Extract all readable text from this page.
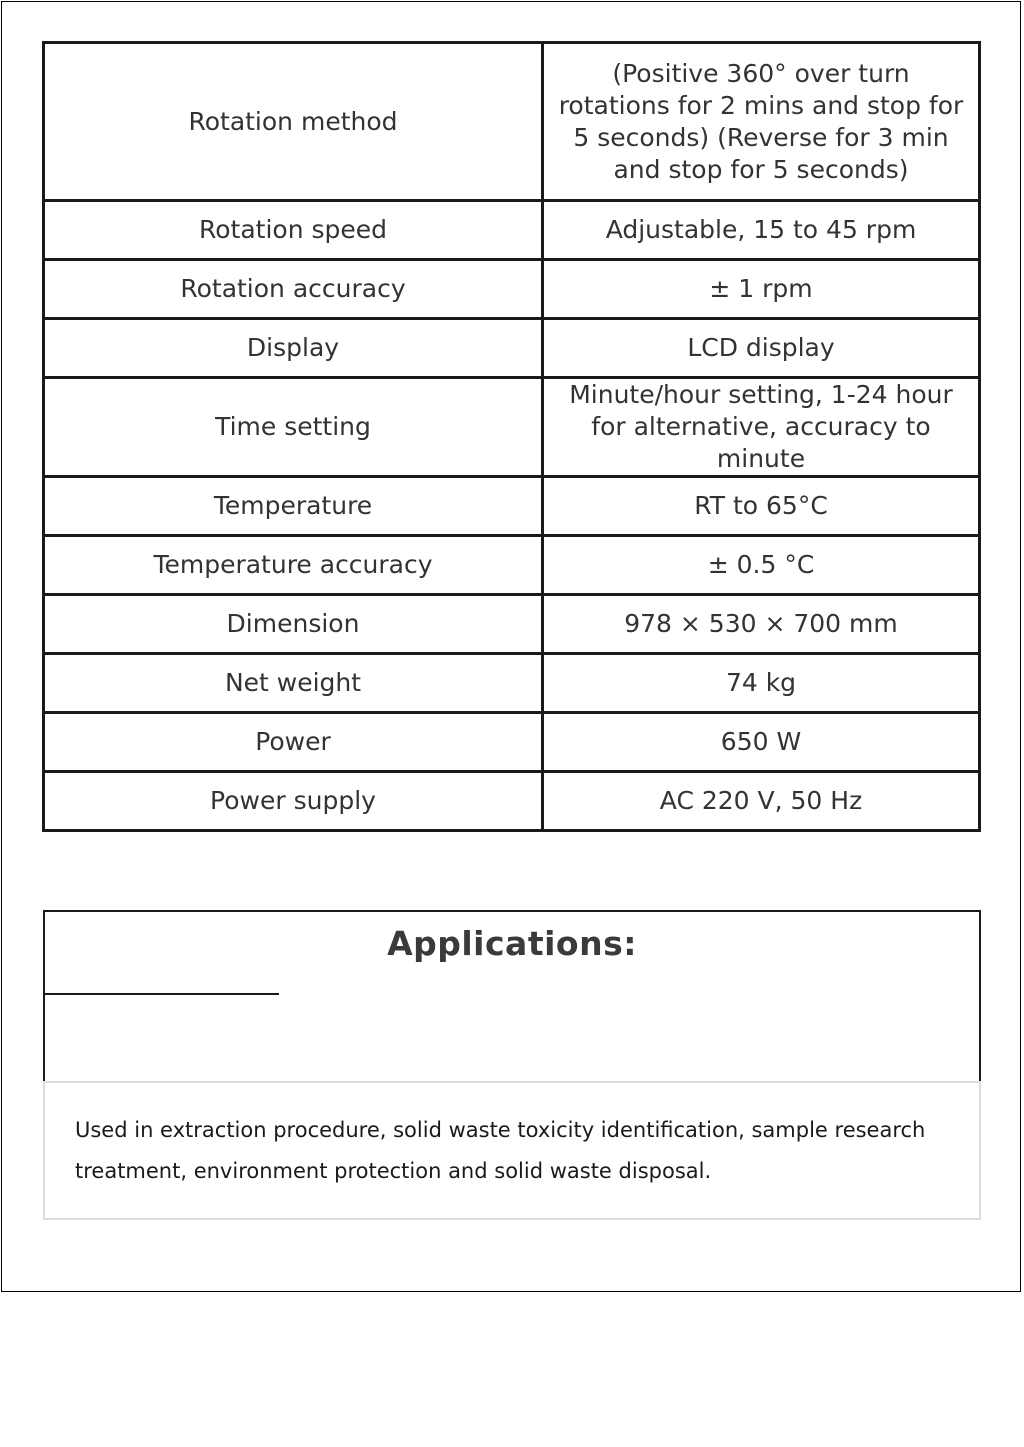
Rotation method	(Positive 360° over turn rotations for 2 mins and stop for 5 seconds) (Reverse for 3 min and stop for 5 seconds)
Rotation speed	Adjustable, 15 to 45 rpm
Rotation accuracy	± 1 rpm
Display	LCD display
Time setting	Minute/hour setting, 1-24 hour for alternative, accuracy to minute
Temperature	RT to 65°C
Temperature accuracy	± 0.5 °C
Dimension	978 × 530 × 700 mm
Net weight	74 kg
Power	650 W
Power supply	AC 220 V, 50 Hz
Applications:
Used in extraction procedure, solid waste toxicity identification, sample research treatment, environment protection and solid waste disposal.
